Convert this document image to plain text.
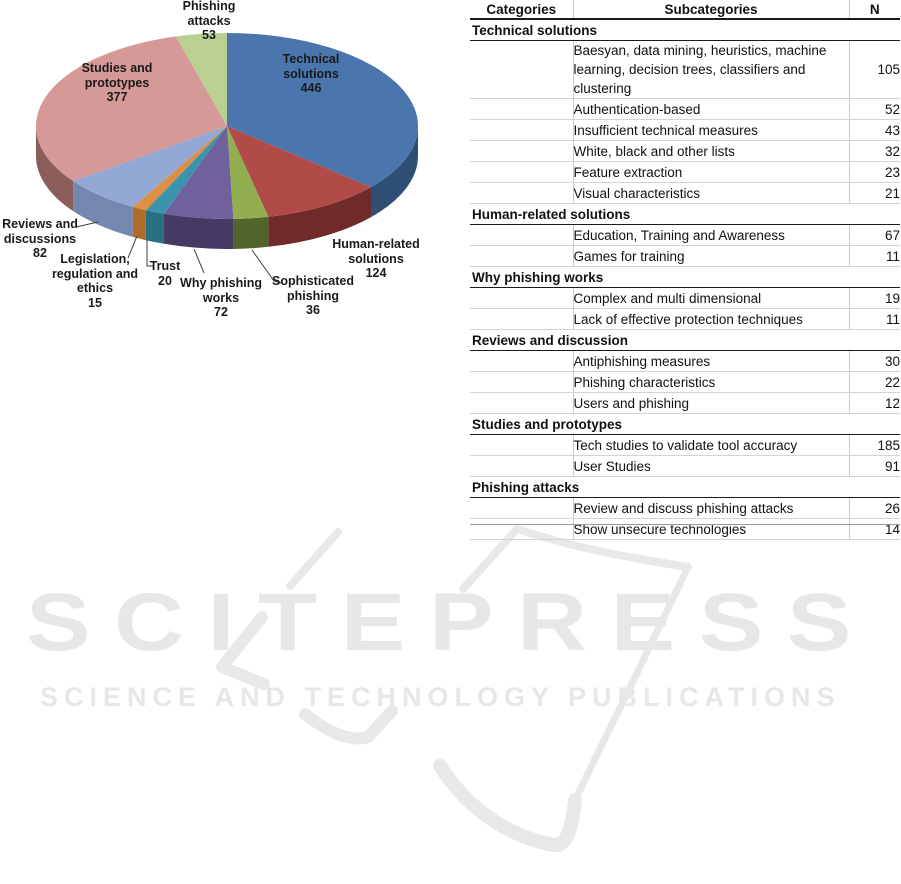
SCITEPRESS
SCIENCE AND TECHNOLOGY PUBLICATIONS
Technical
solutions
446
Human-related
solutions
124
Sophisticated
phishing
36
Why phishing
works
72
Trust
20
Legislation,
regulation and
ethics
15
Reviews and
discussions
82
Studies and
prototypes
377
Phishing
attacks
53
Categories	Subcategories	N
Technical solutions		
	Baesyan, data mining, heuristics, machine learning, decision trees, classifiers and clustering	105
	Authentication-based	52
	Insufficient technical measures	43
	White, black and other lists	32
	Feature extraction	23
	Visual characteristics	21
Human-related solutions		
	Education, Training and Awareness	67
	Games for training	11
Why phishing works		
	Complex and multi dimensional	19
	Lack of effective protection techniques	11
Reviews and discussion		
	Antiphishing measures	30
	Phishing characteristics	22
	Users and phishing	12
Studies and prototypes		
	Tech studies to validate tool accuracy	185
	User Studies	91
Phishing attacks		
	Review and discuss phishing attacks	26
	Show unsecure technologies	14
